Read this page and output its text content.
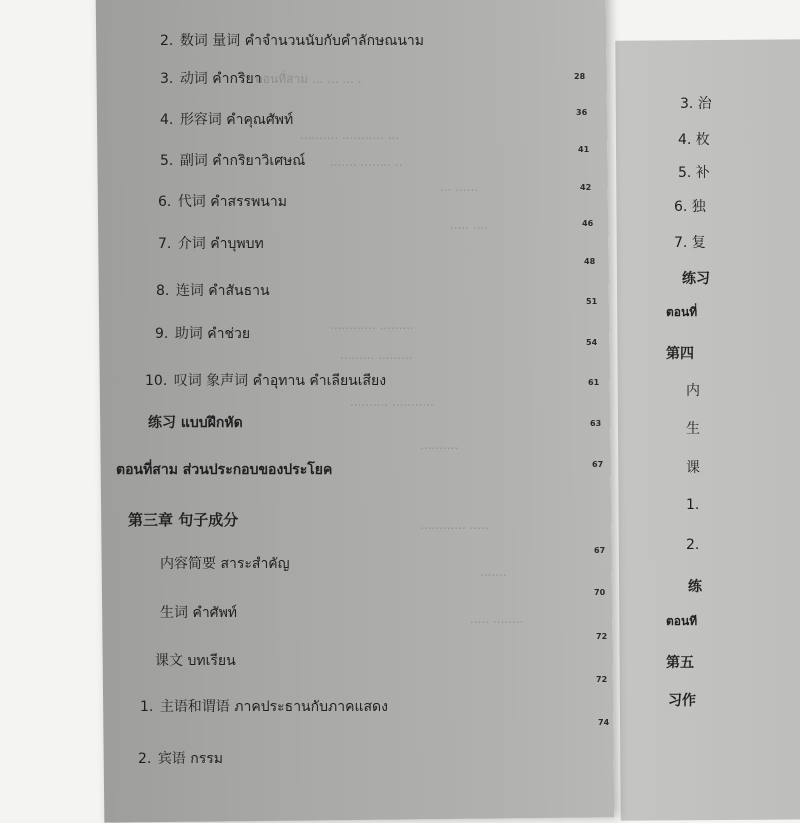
ตอนที่สาม ... ... ... .
.......... ........... ...
....... ........ ..
... ......
..... ....
............ .........
......... .........
.......... ...........
..........
............ .....
.......
..... ........
2. 数词 量词 คำจำนวนนับกับคำลักษณนาม
3. 动词 คำกริยา
4. 形容词 คำคุณศัพท์
5. 副词 คำกริยาวิเศษณ์
6. 代词 คำสรรพนาม
7. 介词 คำบุพบท
8. 连词 คำสันธาน
9. 助词 คำช่วย
10. 叹词 象声词 คำอุทาน คำเลียนเสียง
练习 แบบฝึกหัด
ตอนที่สาม ส่วนประกอบของประโยค
第三章 句子成分
内容简要 สาระสำคัญ
生词 คำศัพท์
课文 บทเรียน
1. 主语和谓语 ภาคประธานกับภาคแสดง
2. 宾语 กรรม
28
36
41
42
46
48
51
54
61
63
67
67
70
72
72
74
3. 治
4. 枚
5. 补
6. 独
7. 复
练习
ตอนที่
第四
内
生
课
1.
2.
练
ตอนที
第五
习作
